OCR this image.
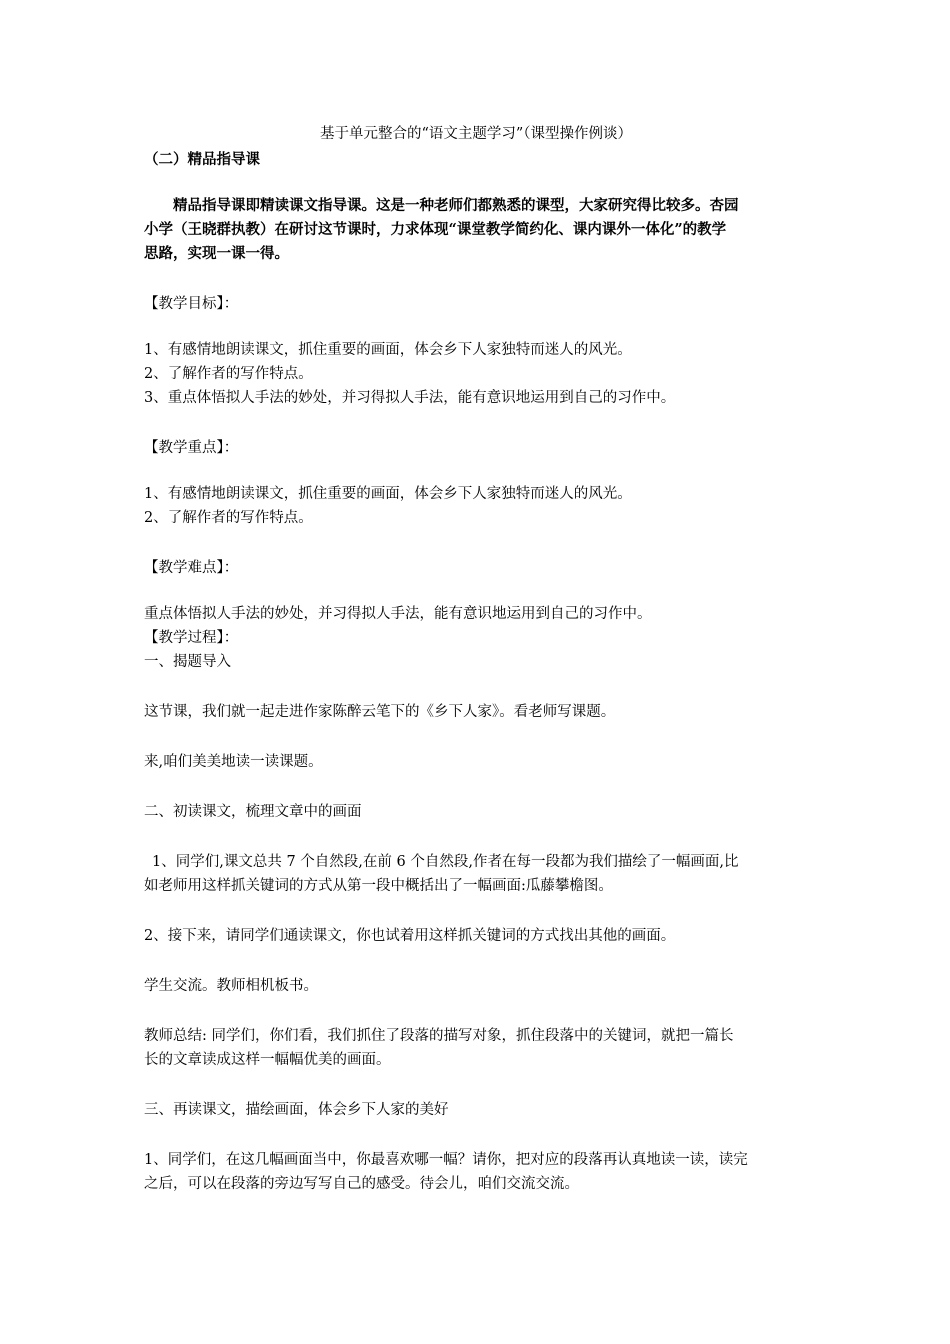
基于单元整合的“语文主题学习”（课型操作例谈）
（二）精品指导课
精品指导课即精读课文指导课。这是一种老师们都熟悉的课型，大家研究得比较多。杏园
小学（王晓群执教）在研讨这节课时，力求体现“课堂教学简约化、课内课外一体化”的教学
思路，实现一课一得。
【教学目标】：
1、有感情地朗读课文，抓住重要的画面，体会乡下人家独特而迷人的风光。
2、了解作者的写作特点。
3、重点体悟拟人手法的妙处，并习得拟人手法，能有意识地运用到自己的习作中。
【教学重点】：
1、有感情地朗读课文，抓住重要的画面，体会乡下人家独特而迷人的风光。
2、了解作者的写作特点。
【教学难点】：
重点体悟拟人手法的妙处，并习得拟人手法，能有意识地运用到自己的习作中。
【教学过程】：
一、揭题导入
这节课，我们就一起走进作家陈醉云笔下的《乡下人家》。看老师写课题。
来,咱们美美地读一读课题。
二、初读课文，梳理文章中的画面
1、同学们,课文总共 7 个自然段,在前 6 个自然段,作者在每一段都为我们描绘了一幅画面,比
如老师用这样抓关键词的方式从第一段中概括出了一幅画面:瓜藤攀檐图。
2、接下来，请同学们通读课文，你也试着用这样抓关键词的方式找出其他的画面。
学生交流。教师相机板书。
教师总结: 同学们，你们看，我们抓住了段落的描写对象，抓住段落中的关键词，就把一篇长
长的文章读成这样一幅幅优美的画面。
三、再读课文，描绘画面，体会乡下人家的美好
1、同学们，在这几幅画面当中，你最喜欢哪一幅？请你，把对应的段落再认真地读一读，读完
之后，可以在段落的旁边写写自己的感受。待会儿，咱们交流交流。
